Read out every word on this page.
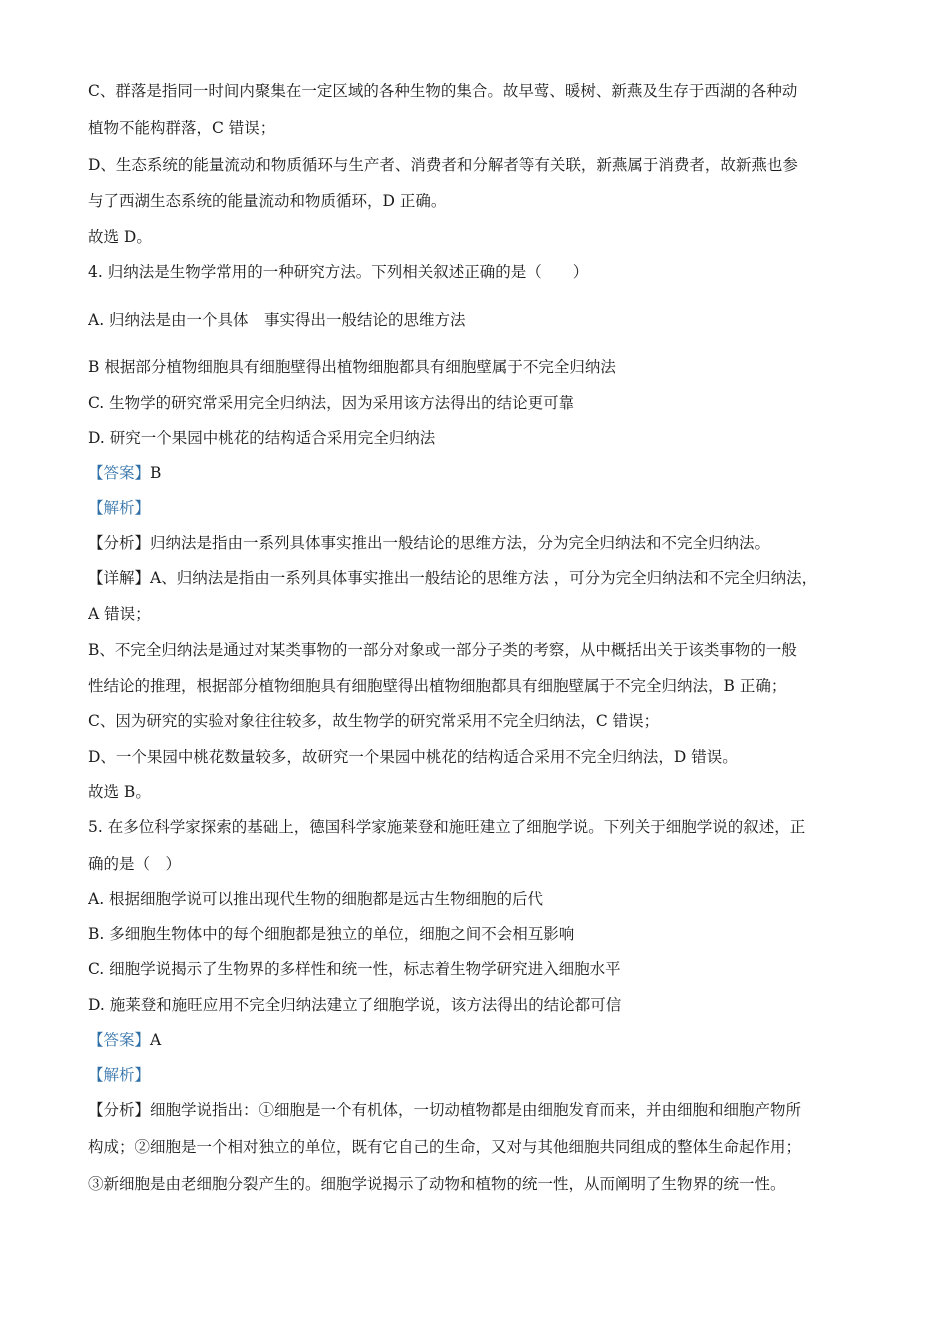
C、群落是指同一时间内聚集在一定区域的各种生物的集合。故早莺、暖树、新燕及生存于西湖的各种动
植物不能构群落，C 错误；
D、生态系统的能量流动和物质循环与生产者、消费者和分解者等有关联，新燕属于消费者，故新燕也参
与了西湖生态系统的能量流动和物质循环，D 正确。
故选 D。
4. 归纳法是生物学常用的一种研究方法。下列相关叙述正确的是（　　）
A. 归纳法是由一个具体　事实得出一般结论的思维方法
B 根据部分植物细胞具有细胞壁得出植物细胞都具有细胞壁属于不完全归纳法
C. 生物学的研究常采用完全归纳法，因为采用该方法得出的结论更可靠
D. 研究一个果园中桃花的结构适合采用完全归纳法
【答案】B
【解析】
【分析】归纳法是指由一系列具体事实推出一般结论的思维方法，分为完全归纳法和不完全归纳法。
【详解】A、归纳法是指由一系列具体事实推出一般结论的思维方法 ，可分为完全归纳法和不完全归纳法，
A 错误；
B、不完全归纳法是通过对某类事物的一部分对象或一部分子类的考察，从中概括出关于该类事物的一般
性结论的推理，根据部分植物细胞具有细胞壁得出植物细胞都具有细胞壁属于不完全归纳法，B 正确；
C、因为研究的实验对象往往较多，故生物学的研究常采用不完全归纳法，C 错误；
D、一个果园中桃花数量较多，故研究一个果园中桃花的结构适合采用不完全归纳法，D 错误。
故选 B。
5. 在多位科学家探索的基础上，德国科学家施莱登和施旺建立了细胞学说。下列关于细胞学说的叙述，正
确的是（　）
A. 根据细胞学说可以推出现代生物的细胞都是远古生物细胞的后代
B. 多细胞生物体中的每个细胞都是独立的单位，细胞之间不会相互影响
C. 细胞学说揭示了生物界的多样性和统一性，标志着生物学研究进入细胞水平
D. 施莱登和施旺应用不完全归纳法建立了细胞学说，该方法得出的结论都可信
【答案】A
【解析】
【分析】细胞学说指出：①细胞是一个有机体，一切动植物都是由细胞发育而来，并由细胞和细胞产物所
构成；②细胞是一个相对独立的单位，既有它自己的生命，又对与其他细胞共同组成的整体生命起作用；
③新细胞是由老细胞分裂产生的。细胞学说揭示了动物和植物的统一性，从而阐明了生物界的统一性。
